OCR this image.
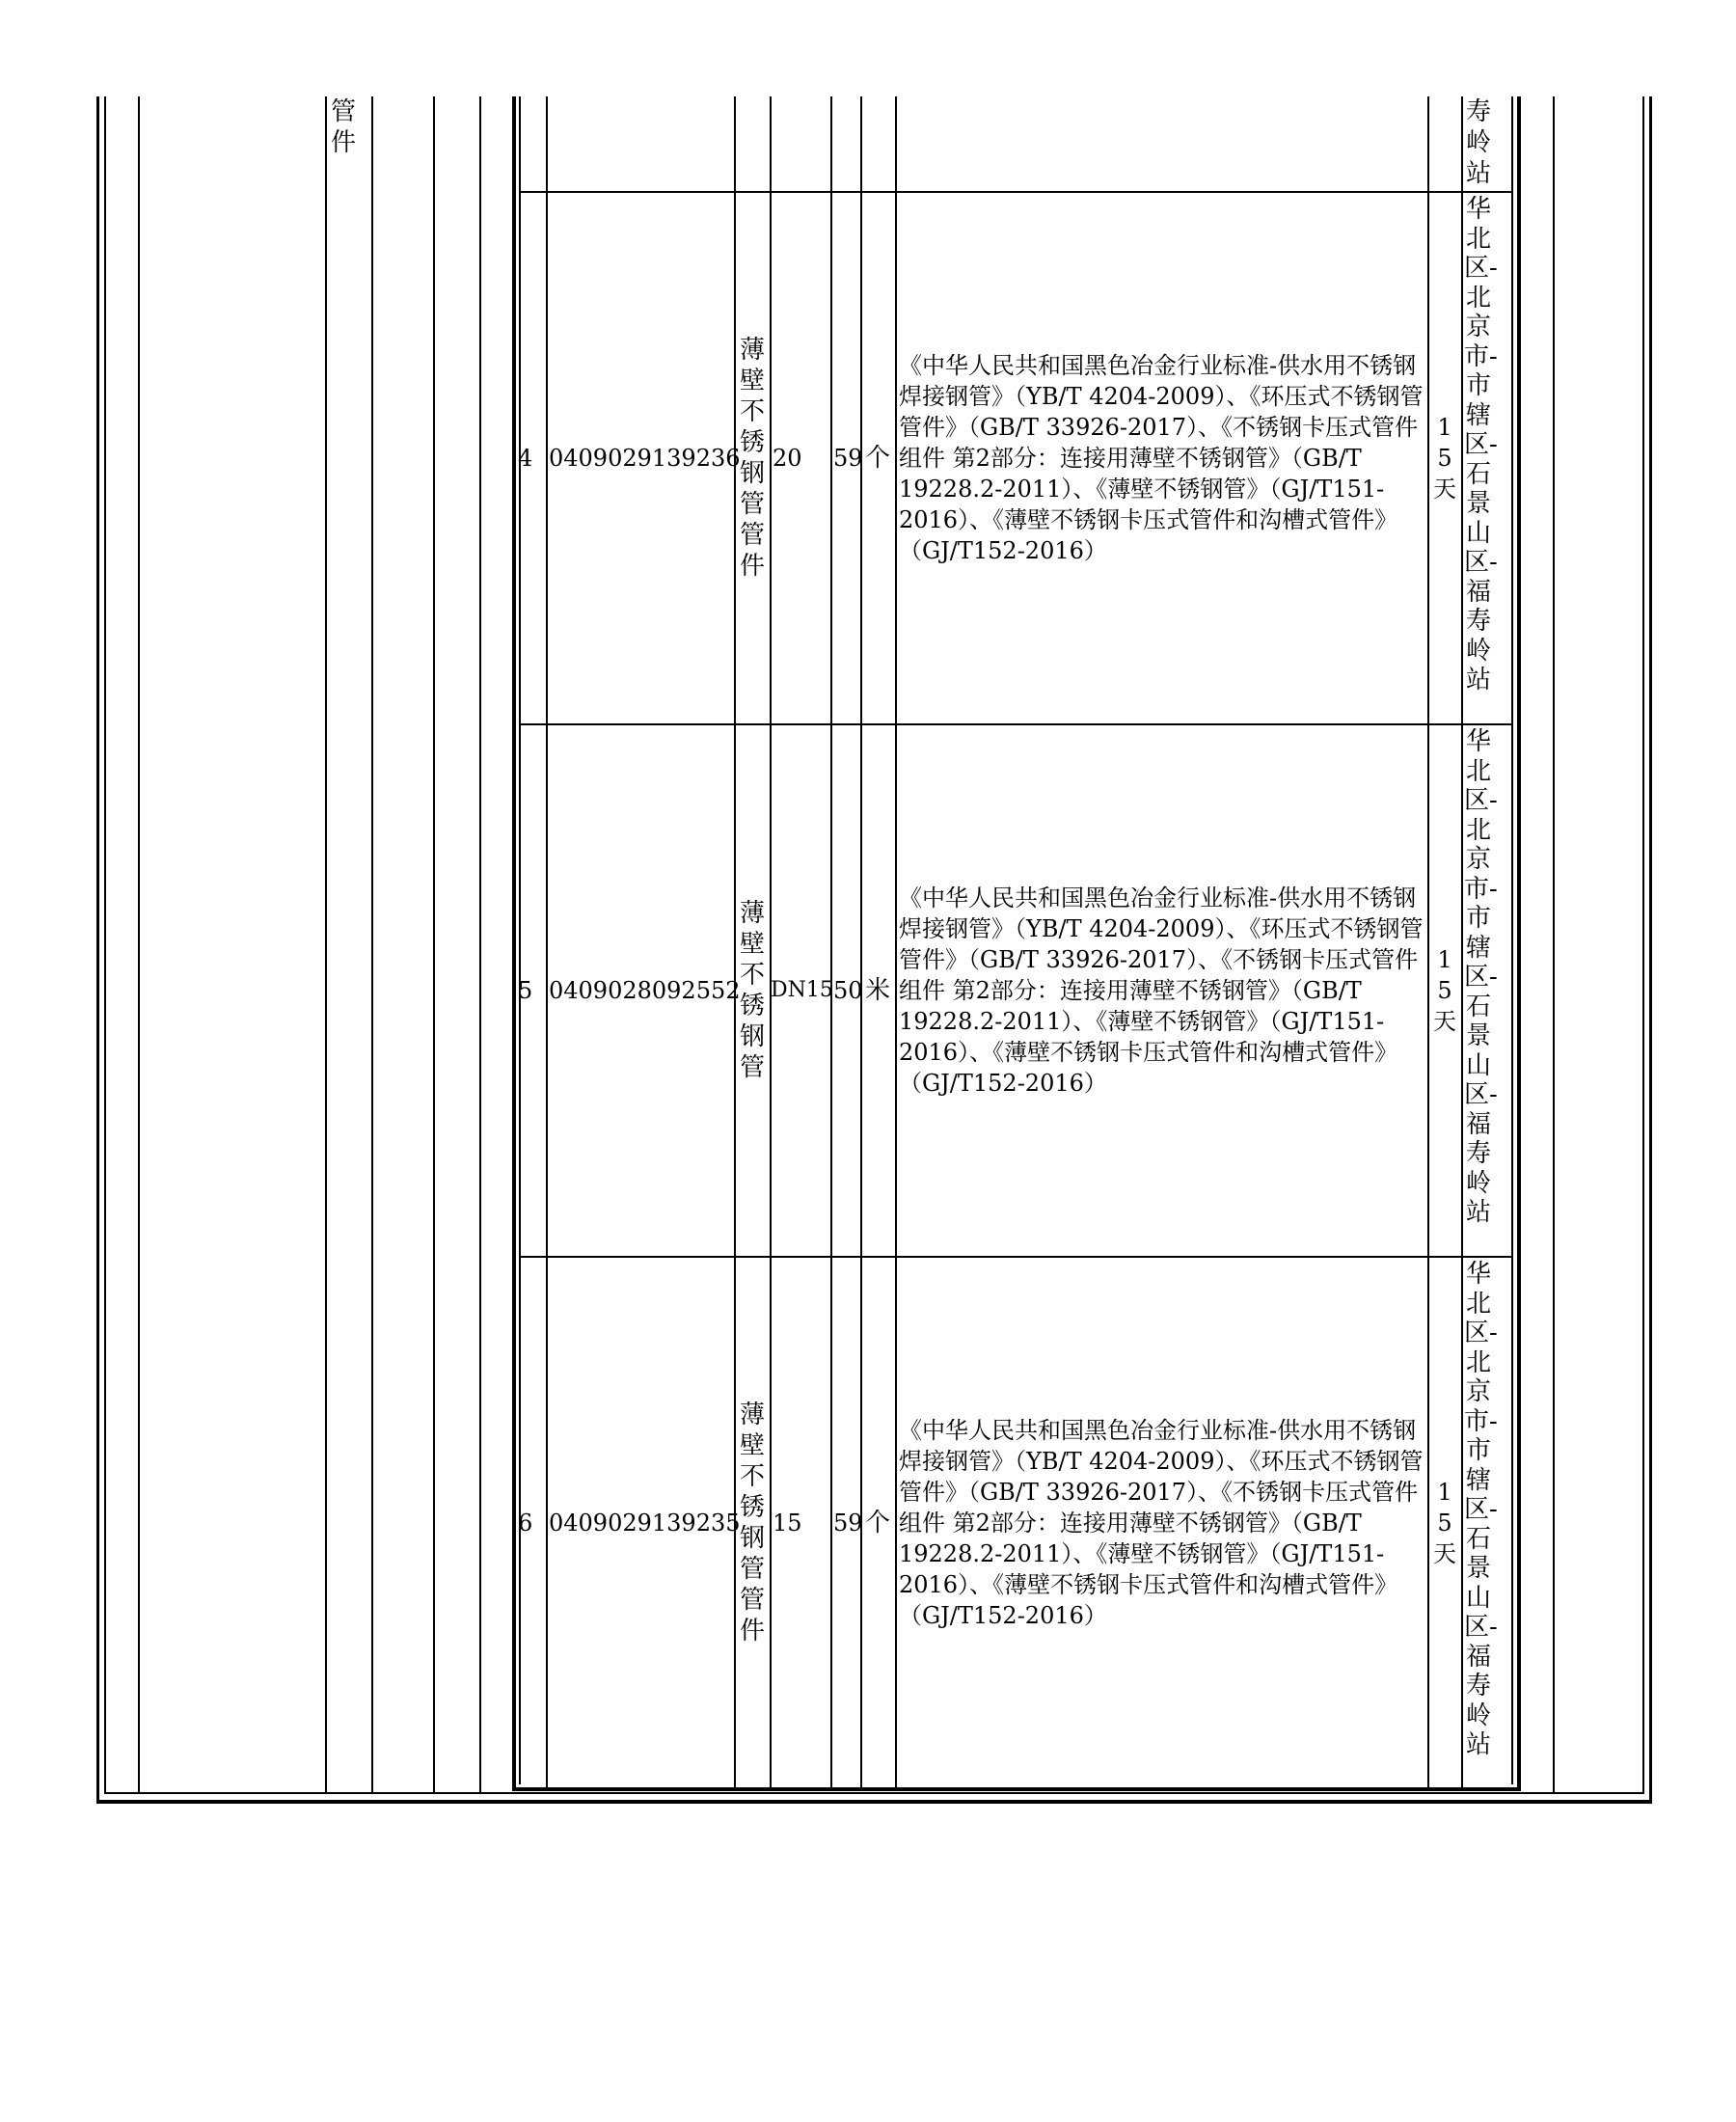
管件
寿岭站
4 0409029139236
薄壁不锈钢管管件
20 59 个
《中华人民共和国黑色冶金行业标准-供水用不锈钢焊接钢管》（YB/T 4204-2009）、《环压式不锈钢管管件》（GB/T 33926-2017）、《不锈钢卡压式管件组件 第2部分：连接用薄壁不锈钢管》（GB/T 19228.2-2011）、《薄壁不锈钢管》（GJ/T151-2016）、《薄壁不锈钢卡压式管件和沟槽式管件》（GJ/T152-2016）
15天
华北区-北京市-市辖区-石景山区-福寿岭站
5 0409028092552
薄壁不锈钢管
DN15 50 米
《中华人民共和国黑色冶金行业标准-供水用不锈钢焊接钢管》（YB/T 4204-2009）、《环压式不锈钢管管件》（GB/T 33926-2017）、《不锈钢卡压式管件组件 第2部分：连接用薄壁不锈钢管》（GB/T 19228.2-2011）、《薄壁不锈钢管》（GJ/T151-2016）、《薄壁不锈钢卡压式管件和沟槽式管件》（GJ/T152-2016）
15天
华北区-北京市-市辖区-石景山区-福寿岭站
6 0409029139235
薄壁不锈钢管管件
15 59 个
《中华人民共和国黑色冶金行业标准-供水用不锈钢焊接钢管》（YB/T 4204-2009）、《环压式不锈钢管管件》（GB/T 33926-2017）、《不锈钢卡压式管件组件 第2部分：连接用薄壁不锈钢管》（GB/T 19228.2-2011）、《薄壁不锈钢管》（GJ/T151-2016）、《薄壁不锈钢卡压式管件和沟槽式管件》（GJ/T152-2016）
15天
华北区-北京市-市辖区-石景山区-福寿岭站
